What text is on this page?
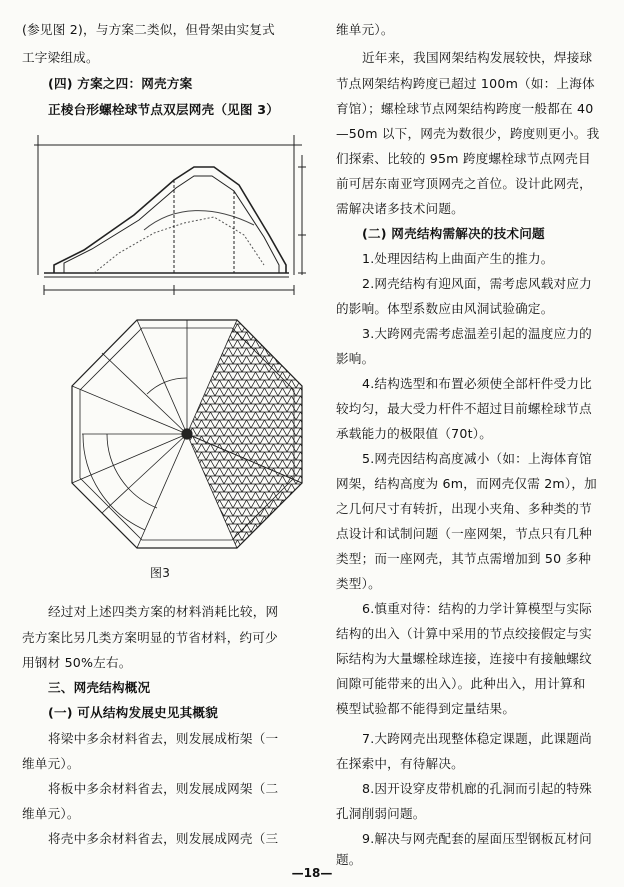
(参见图 2)，与方案二类似，但骨架由实复式
工字梁组成。
(四) 方案之四：网壳方案
正棱台形螺栓球节点双层网壳（见图 3）
图3
经过对上述四类方案的材料消耗比较，网
壳方案比另几类方案明显的节省材料，约可少
用钢材 50%左右。
三、网壳结构概况
(一) 可从结构发展史见其概貌
将梁中多余材料省去，则发展成桁架（一
维单元）。
将板中多余材料省去，则发展成网架（二
维单元）。
将壳中多余材料省去，则发展成网壳（三
维单元）。
近年来，我国网架结构发展较快，焊接球
节点网架结构跨度已超过 100m（如：上海体
育馆）；螺栓球节点网架结构跨度一般都在 40
—50m 以下，网壳为数很少，跨度则更小。我
们探索、比较的 95m 跨度螺栓球节点网壳目
前可居东南亚穹顶网壳之首位。设计此网壳，
需解决诸多技术问题。
(二) 网壳结构需解决的技术问题
1.处理因结构上曲面产生的推力。
2.网壳结构有迎风面，需考虑风载对应力
的影响。体型系数应由风洞试验确定。
3.大跨网壳需考虑温差引起的温度应力的
影响。
4.结构选型和布置必须使全部杆件受力比
较均匀，最大受力杆件不超过目前螺栓球节点
承载能力的极限值（70t）。
5.网壳因结构高度减小（如：上海体育馆
网架，结构高度为 6m，而网壳仅需 2m），加
之几何尺寸有转折，出现小夹角、多种类的节
点设计和试制问题（一座网架，节点只有几种
类型；而一座网壳，其节点需增加到 50 多种
类型）。
6.慎重对待：结构的力学计算模型与实际
结构的出入（计算中采用的节点绞接假定与实
际结构为大量螺栓球连接，连接中有接触螺纹
间隙可能带来的出入）。此种出入，用计算和
模型试验都不能得到定量结果。
7.大跨网壳出现整体稳定课题，此课题尚
在探索中，有待解决。
8.因开设穿皮带机廊的孔洞而引起的特殊
孔洞削弱问题。
9.解决与网壳配套的屋面压型钢板瓦材问
题。
—18—
